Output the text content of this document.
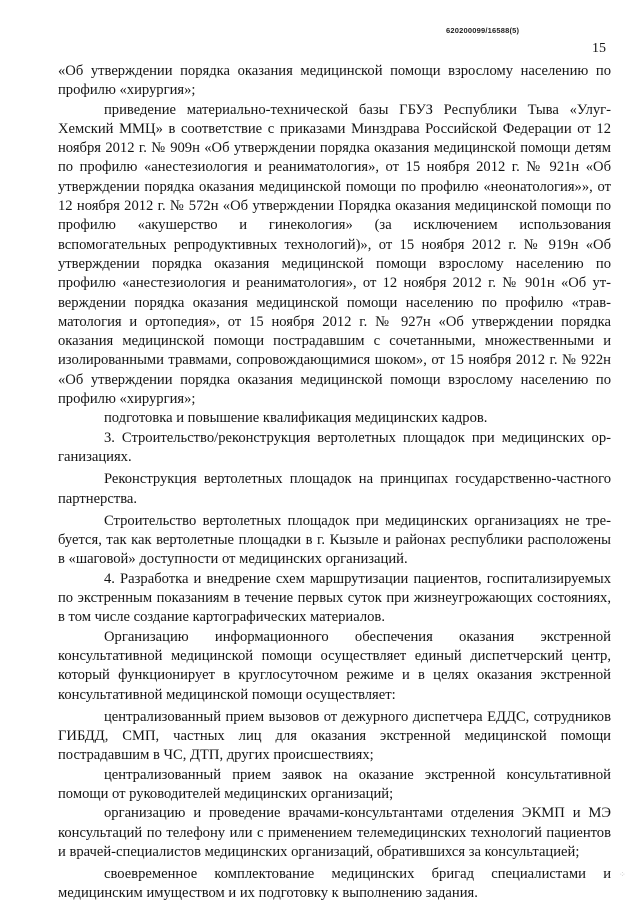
620200099/16588(5)
15

«Об утверждении порядка оказания медицинской помощи взрослому населению по профилю «хирургия»;

приведение материально-технической базы ГБУЗ Республики Тыва «Улуг-Хемский ММЦ» в соответствие с приказами Минздрава Российской Федерации от 12 ноября 2012 г. № 909н «Об утверждении порядка оказания медицинской помощи детям по профилю «анестезиология и реаниматология», от 15 ноября 2012 г. № 921н «Об утверждении порядка оказания медицинской помощи по профилю «неонатология»», от 12 ноября 2012 г. № 572н «Об утверждении Порядка оказания медицинской помощи по профилю «акушерство и гинекология» (за исключением использования вспомогательных репродуктивных технологий)», от 15 ноября 2012 г. № 919н «Об утверждении порядка оказания медицинской помощи взрослому населению по профилю «анестезиология и реаниматология», от 12 ноября 2012 г. № 901н «Об утверждении порядка оказания медицинской помощи населению по профилю «травматология и ортопедия», от 15 ноября 2012 г. № 927н «Об утверждении порядка оказания медицинской помощи пострадавшим с сочетанными, множественными и изолированными травмами, сопровождающимися шоком», от 15 ноября 2012 г. № 922н «Об утверждении порядка оказания медицинской помощи взрослому населению по профилю «хирургия»;

подготовка и повышение квалификация медицинских кадров.

3. Строительство/реконструкция вертолетных площадок при медицинских организациях.

Реконструкция вертолетных площадок на принципах государственно-частного партнерства.

Строительство вертолетных площадок при медицинских организациях не требуется, так как вертолетные площадки в г. Кызыле и районах республики расположены в «шаговой» доступности от медицинских организаций.

4. Разработка и внедрение схем маршрутизации пациентов, госпитализируемых по экстренным показаниям в течение первых суток при жизнеугрожающих состояниях, в том числе создание картографических материалов.

Организацию информационного обеспечения оказания экстренной консультативной медицинской помощи осуществляет единый диспетчерский центр, который функционирует в круглосуточном режиме и в целях оказания экстренной консультативной медицинской помощи осуществляет:

централизованный прием вызовов от дежурного диспетчера ЕДДС, сотрудников ГИБДД, СМП, частных лиц для оказания экстренной медицинской помощи пострадавшим в ЧС, ДТП, других происшествиях;

централизованный прием заявок на оказание экстренной консультативной помощи от руководителей медицинских организаций;

организацию и проведение врачами-консультантами отделения ЭКМП и МЭ консультаций по телефону или с применением телемедицинских технологий пациентов и врачей-специалистов медицинских организаций, обратившихся за консультацией;

своевременное комплектование медицинских бригад специалистами и медицинским имуществом и их подготовку к выполнению задания.

⁘
